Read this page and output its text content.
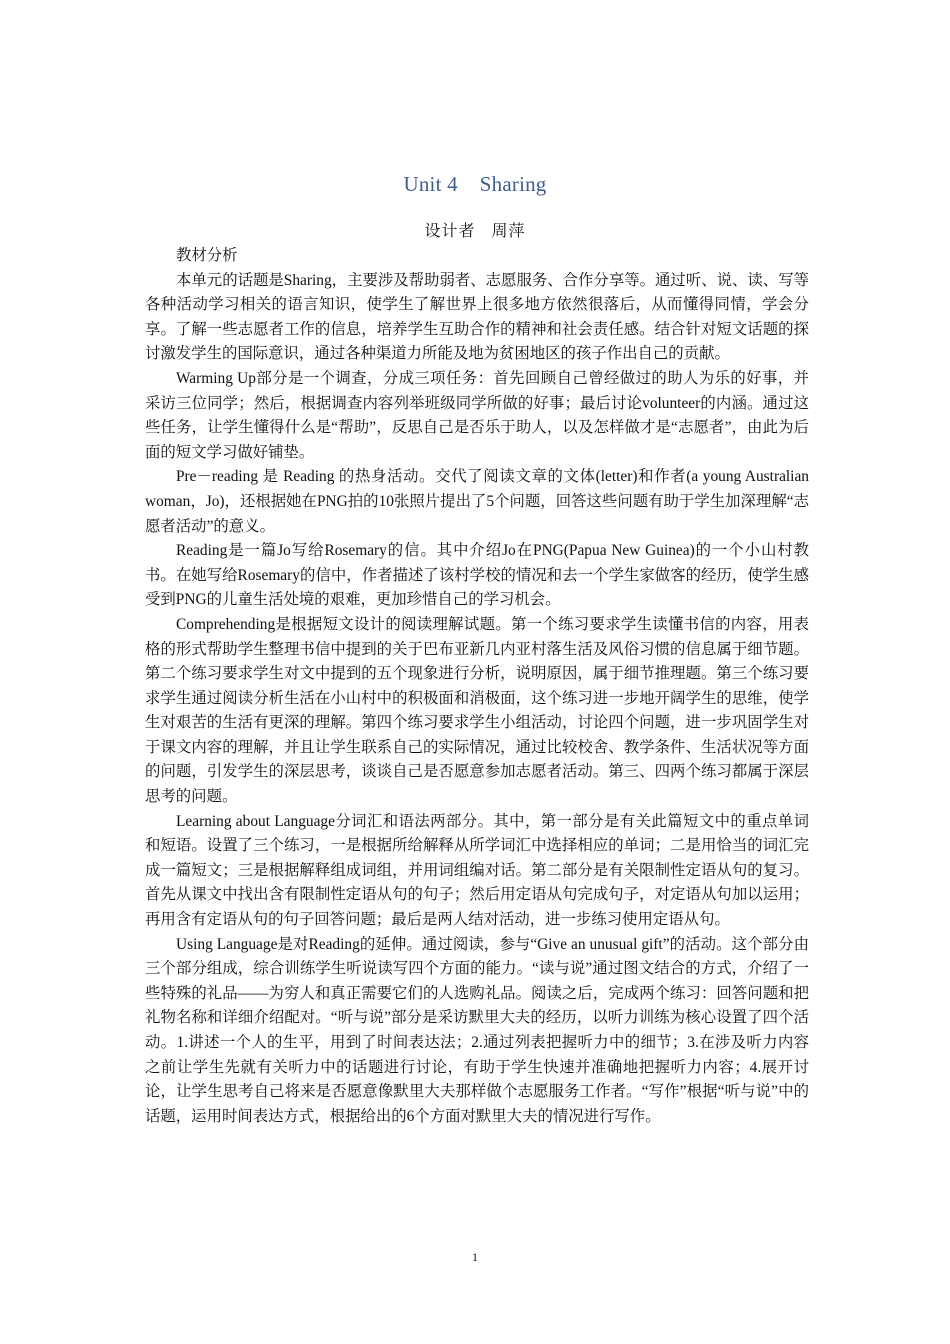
Unit 4 Sharing
设计者 周萍

教材分析

本单元的话题是Sharing，主要涉及帮助弱者、志愿服务、合作分享等。通过听、说、读、写等各种活动学习相关的语言知识，使学生了解世界上很多地方依然很落后，从而懂得同情，学会分享。了解一些志愿者工作的信息，培养学生互助合作的精神和社会责任感。结合针对短文话题的探讨激发学生的国际意识，通过各种渠道力所能及地为贫困地区的孩子作出自己的贡献。

Warming Up部分是一个调查，分成三项任务：首先回顾自己曾经做过的助人为乐的好事，并采访三位同学；然后，根据调查内容列举班级同学所做的好事；最后讨论volunteer的内涵。通过这些任务，让学生懂得什么是“帮助”，反思自己是否乐于助人，以及怎样做才是“志愿者”，由此为后面的短文学习做好铺垫。

Pre－reading 是 Reading 的热身活动。交代了阅读文章的文体(letter)和作者(a young Australian woman，Jo)，还根据她在PNG拍的10张照片提出了5个问题，回答这些问题有助于学生加深理解“志愿者活动”的意义。

Reading是一篇Jo写给Rosemary的信。其中介绍Jo在PNG(Papua New Guinea)的一个小山村教书。在她写给Rosemary的信中，作者描述了该村学校的情况和去一个学生家做客的经历，使学生感受到PNG的儿童生活处境的艰难，更加珍惜自己的学习机会。

Comprehending是根据短文设计的阅读理解试题。第一个练习要求学生读懂书信的内容，用表格的形式帮助学生整理书信中提到的关于巴布亚新几内亚村落生活及风俗习惯的信息属于细节题。第二个练习要求学生对文中提到的五个现象进行分析，说明原因，属于细节推理题。第三个练习要求学生通过阅读分析生活在小山村中的积极面和消极面，这个练习进一步地开阔学生的思维，使学生对艰苦的生活有更深的理解。第四个练习要求学生小组活动，讨论四个问题，进一步巩固学生对于课文内容的理解，并且让学生联系自己的实际情况，通过比较校舍、教学条件、生活状况等方面的问题，引发学生的深层思考，谈谈自己是否愿意参加志愿者活动。第三、四两个练习都属于深层思考的问题。

Learning about Language分词汇和语法两部分。其中，第一部分是有关此篇短文中的重点单词和短语。设置了三个练习，一是根据所给解释从所学词汇中选择相应的单词；二是用恰当的词汇完成一篇短文；三是根据解释组成词组，并用词组编对话。第二部分是有关限制性定语从句的复习。首先从课文中找出含有限制性定语从句的句子；然后用定语从句完成句子，对定语从句加以运用；再用含有定语从句的句子回答问题；最后是两人结对活动，进一步练习使用定语从句。

Using Language是对Reading的延伸。通过阅读，参与“Give an unusual gift”的活动。这个部分由三个部分组成，综合训练学生听说读写四个方面的能力。“读与说”通过图文结合的方式，介绍了一些特殊的礼品——为穷人和真正需要它们的人选购礼品。阅读之后，完成两个练习：回答问题和把礼物名称和详细介绍配对。“听与说”部分是采访默里大夫的经历，以听力训练为核心设置了四个活动。1.讲述一个人的生平，用到了时间表达法；2.通过列表把握听力中的细节；3.在涉及听力内容之前让学生先就有关听力中的话题进行讨论，有助于学生快速并准确地把握听力内容；4.展开讨论，让学生思考自己将来是否愿意像默里大夫那样做个志愿服务工作者。“写作”根据“听与说”中的话题，运用时间表达方式，根据给出的6个方面对默里大夫的情况进行写作。

1
